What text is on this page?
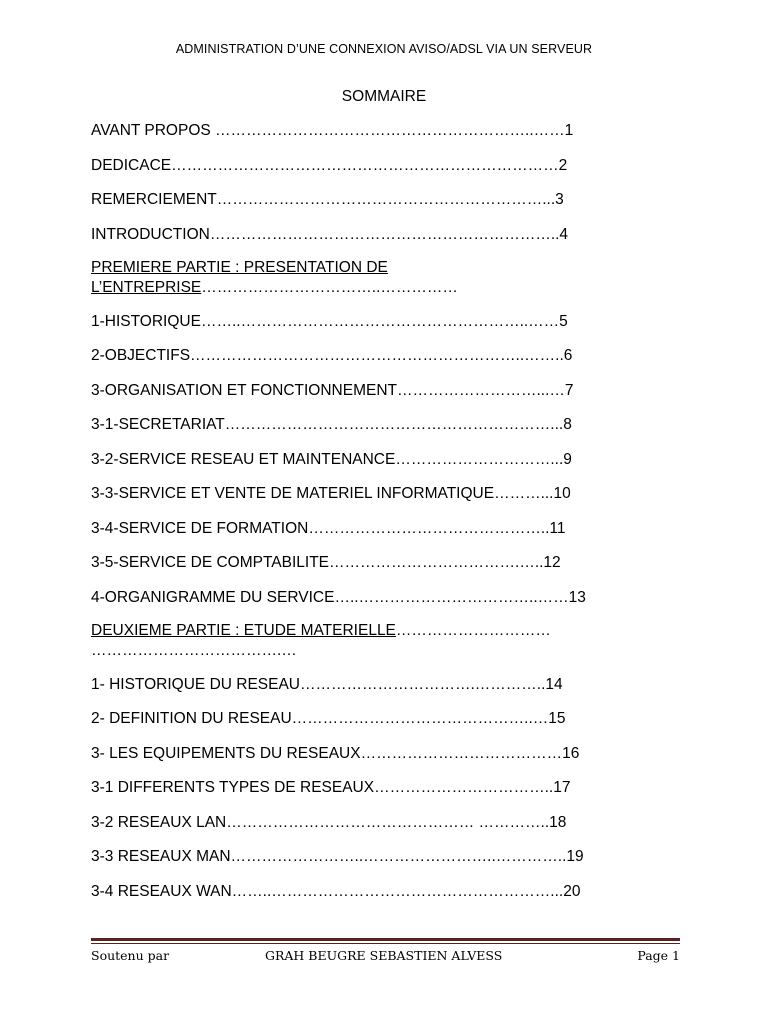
ADMINISTRATION D’UNE CONNEXION AVISO/ADSL VIA UN SERVEUR
SOMMAIRE
AVANT PROPOS ……………………………………………………..……1
DEDICACE…………………………………………………………………2
REMERCIEMENT………………………………………………………...3
INTRODUCTION…………………………………………………………..4
PREMIERE PARTIE : PRESENTATION DE
L’ENTREPRISE……………………………..……………
1-HISTORIQUE……..………………………………………………..……5
2-OBJECTIFS………………………………………………………..……..6
3-ORGANISATION ET FONCTIONNEMENT………………………...…7
3-1-SECRETARIAT………………………………………………………...8
3-2-SERVICE RESEAU ET MAINTENANCE…………………………...9
3-3-SERVICE ET VENTE DE MATERIEL INFORMATIQUE………...10
3-4-SERVICE DE FORMATION………………………………………..11
3-5-SERVICE DE COMPTABILITE……………………………….…..12
4-ORGANIGRAMME DU SERVICE…..……………………………..……13
DEUXIEME PARTIE : ETUDE MATERIELLE…………………………
……………………………….…
1- HISTORIQUE DU RESEAU…………………………….…………..14
2- DEFINITION DU RESEAU………………………………………..…15
3- LES EQUIPEMENTS DU RESEAUX…………………………………16
3-1 DIFFERENTS TYPES DE RESEAUX……………………………..17
3-2 RESEAUX LAN………………………………………… …………..18
3-3 RESEAUX MAN……………………..……………………..…………..19
3-4 RESEAUX WAN……..………………………………………………...20
Soutenu par	GRAH BEUGRE SEBASTIEN ALVESS	Page 1
